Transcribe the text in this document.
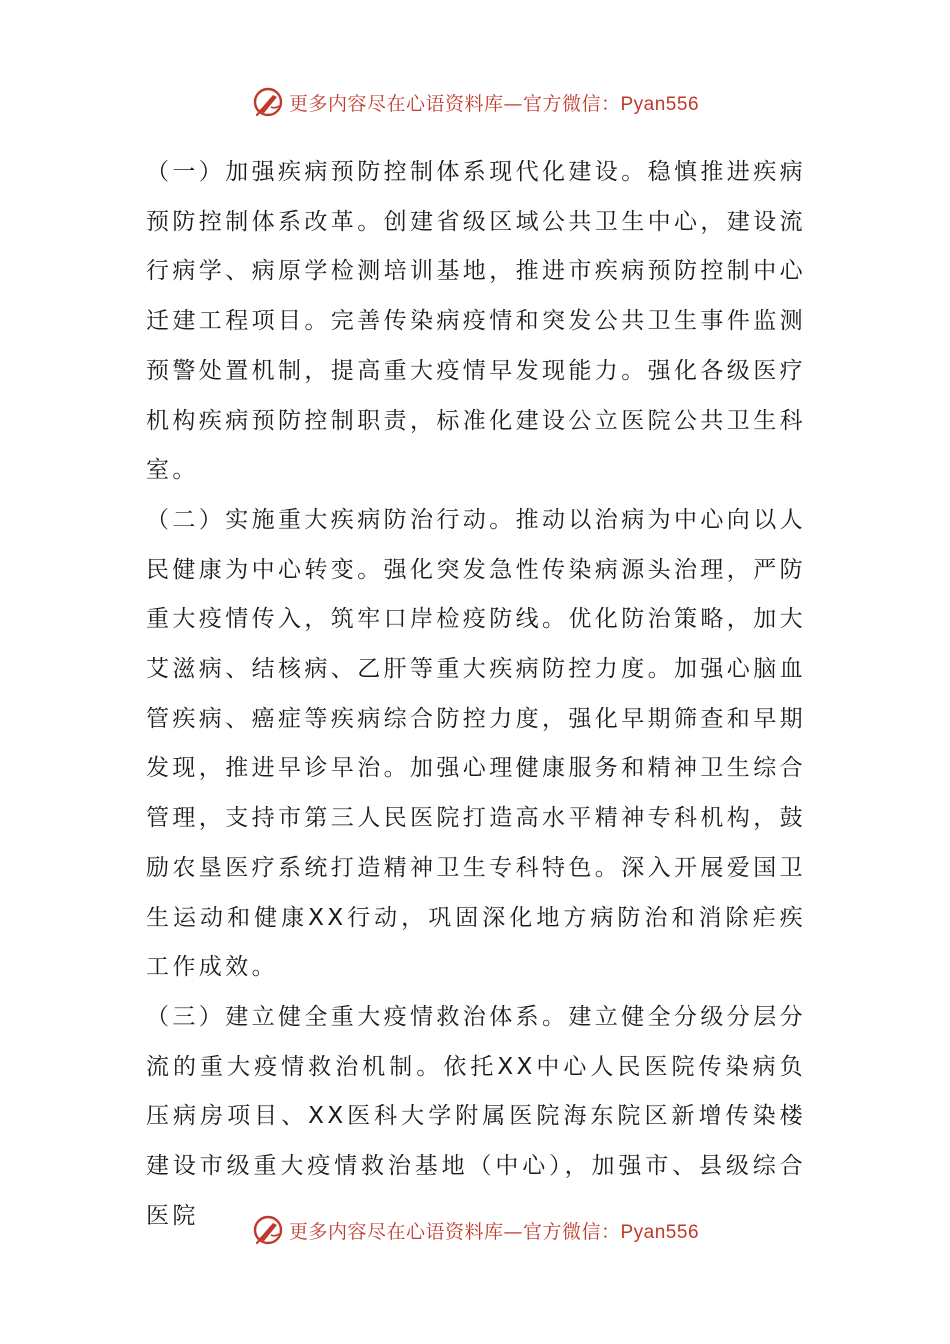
更多内容尽在心语资料库—官方微信：Pyan556

（一）加强疾病预防控制体系现代化建设。稳慎推进疾病预防控制体系改革。创建省级区域公共卫生中心，建设流行病学、病原学检测培训基地，推进市疾病预防控制中心迁建工程项目。完善传染病疫情和突发公共卫生事件监测预警处置机制，提高重大疫情早发现能力。强化各级医疗机构疾病预防控制职责，标准化建设公立医院公共卫生科室。

（二）实施重大疾病防治行动。推动以治病为中心向以人民健康为中心转变。强化突发急性传染病源头治理，严防重大疫情传入，筑牢口岸检疫防线。优化防治策略，加大艾滋病、结核病、乙肝等重大疾病防控力度。加强心脑血管疾病、癌症等疾病综合防控力度，强化早期筛查和早期发现，推进早诊早治。加强心理健康服务和精神卫生综合管理，支持市第三人民医院打造高水平精神专科机构，鼓励农垦医疗系统打造精神卫生专科特色。深入开展爱国卫生运动和健康XX行动，巩固深化地方病防治和消除疟疾工作成效。

（三）建立健全重大疫情救治体系。建立健全分级分层分流的重大疫情救治机制。依托XX中心人民医院传染病负压病房项目、XX医科大学附属医院海东院区新增传染楼建设市级重大疫情救治基地（中心），加强市、县级综合医院

更多内容尽在心语资料库—官方微信：Pyan556
